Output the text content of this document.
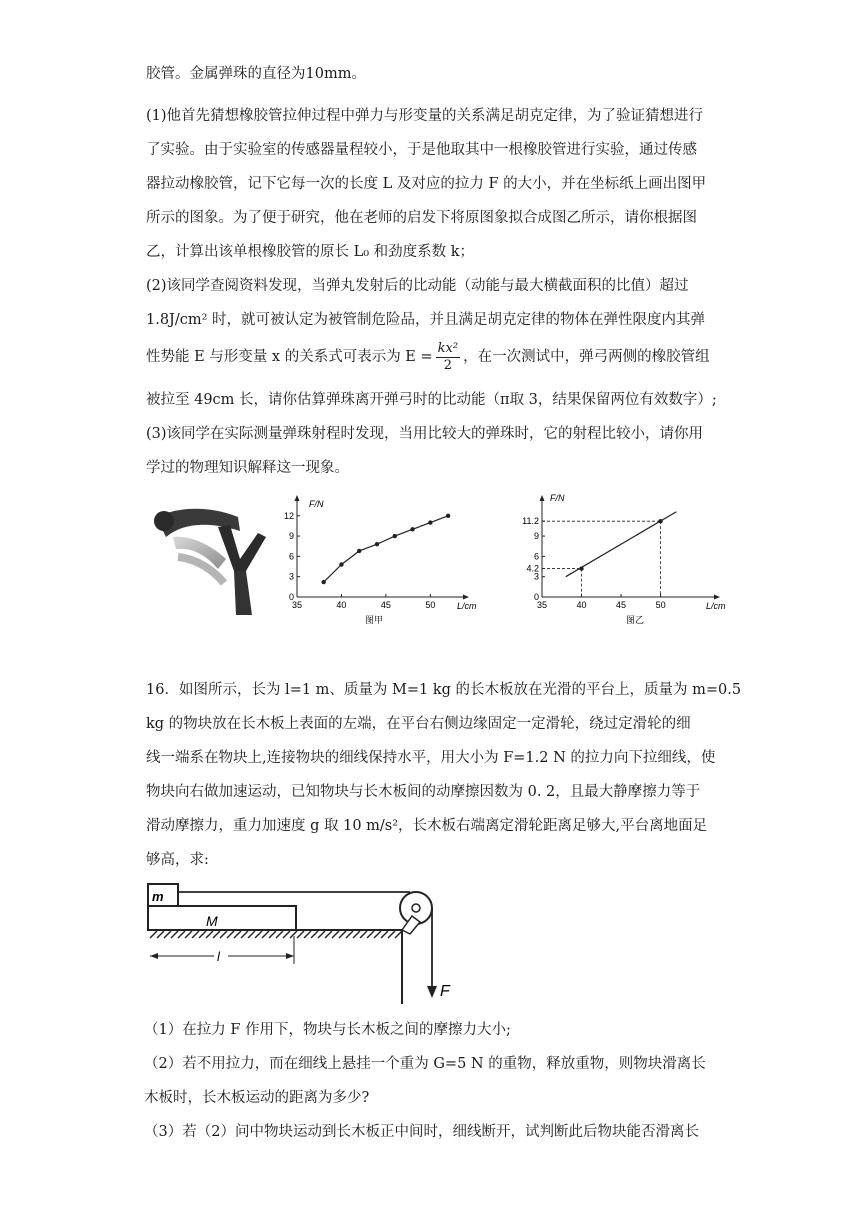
胶管。金属弹珠的直径为10mm。
(1)他首先猜想橡胶管拉伸过程中弹力与形变量的关系满足胡克定律，为了验证猜想进行
了实验。由于实验室的传感器量程较小，于是他取其中一根橡胶管进行实验，通过传感
器拉动橡胶管，记下它每一次的长度 L 及对应的拉力 F 的大小，并在坐标纸上画出图甲
所示的图象。为了便于研究，他在老师的启发下将原图象拟合成图乙所示，请你根据图
乙，计算出该单根橡胶管的原长 L₀ 和劲度系数 k；
(2)该同学查阅资料发现，当弹丸发射后的比动能（动能与最大横截面积的比值）超过
1.8J/cm² 时，就可被认定为被管制危险品，并且满足胡克定律的物体在弹性限度内其弹
性势能 E 与形变量 x 的关系式可表示为 $E = \frac{\text{kx²}}{2}$ ，在一次测试中，弹弓两侧的橡胶管组
被拉至 49cm 长，请你估算弹珠离开弹弓时的比动能（π取 3，结果保留两位有效数字）;
(3)该同学在实际测量弹珠射程时发现，当用比较大的弹珠时，它的射程比较小，请你用
学过的物理知识解释这一现象。
35	40	45	50
0
3
6
9
12
F/N
L/cm
图甲
35	40	45	50
0
3
4.2
6
9
11.2
F/N
L/cm
图乙
16．如图所示，长为 l=1 m、质量为 M=1 kg 的长木板放在光滑的平台上，质量为 m=0.5
kg 的物块放在长木板上表面的左端，在平台右侧边缘固定一定滑轮，绕过定滑轮的细
线一端系在物块上,连接物块的细线保持水平，用大小为 F=1.2 N 的拉力向下拉细线，使
物块向右做加速运动，已知物块与长木板间的动摩擦因数为 0. 2，且最大静摩擦力等于
滑动摩擦力，重力加速度 g 取 10 m/s²，长木板右端离定滑轮距离足够大,平台离地面足
够高，求:
m
M
F
l
（1）在拉力 F 作用下，物块与长木板之间的摩擦力大小;
（2）若不用拉力，而在细线上悬挂一个重为 G=5 N 的重物，释放重物，则物块滑离长
木板时，长木板运动的距离为多少?
（3）若（2）问中物块运动到长木板正中间时，细线断开，试判断此后物块能否滑离长
